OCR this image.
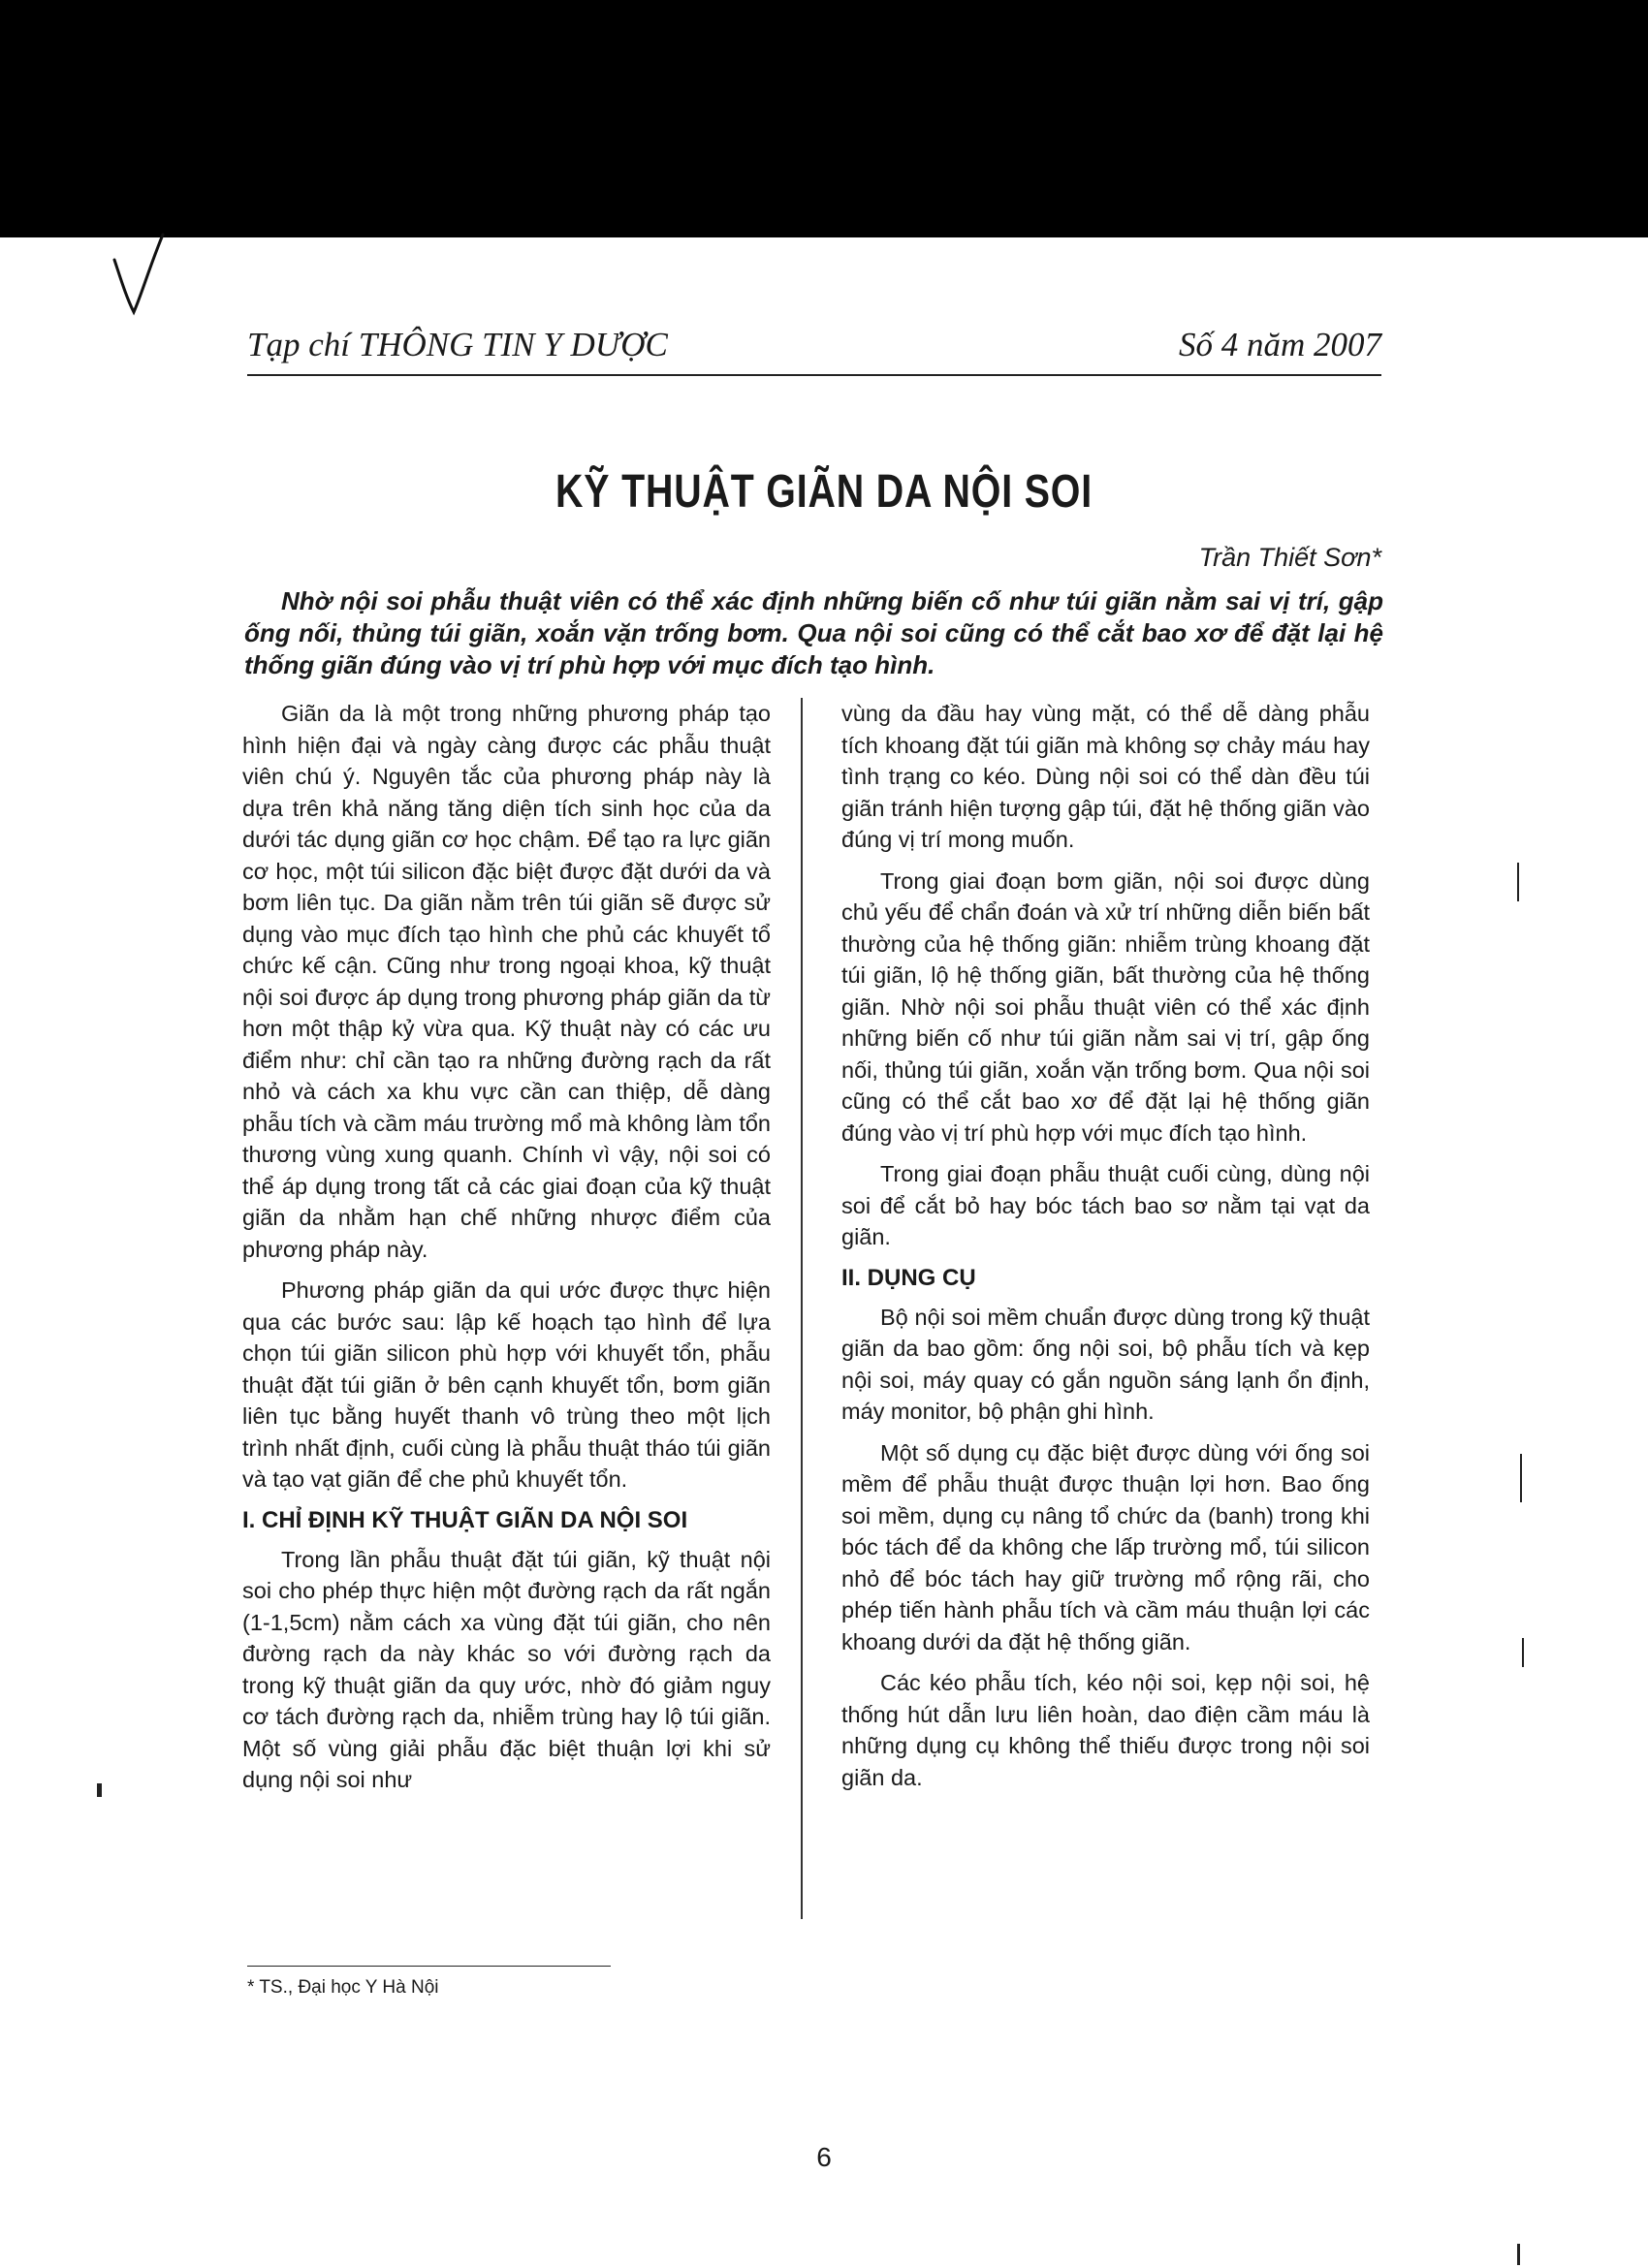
Tạp chí THÔNG TIN Y DƯỢC	Số 4 năm 2007
KỸ THUẬT GIÃN DA NỘI SOI
Trần Thiết Sơn*
Nhờ nội soi phẫu thuật viên có thể xác định những biến cố như túi giãn nằm sai vị trí, gập ống nối, thủng túi giãn, xoắn vặn trống bơm. Qua nội soi cũng có thể cắt bao xơ để đặt lại hệ thống giãn đúng vào vị trí phù hợp với mục đích tạo hình.

Giãn da là một trong những phương pháp tạo hình hiện đại và ngày càng được các phẫu thuật viên chú ý. Nguyên tắc của phương pháp này là dựa trên khả năng tăng diện tích sinh học của da dưới tác dụng giãn cơ học chậm. Để tạo ra lực giãn cơ học, một túi silicon đặc biệt được đặt dưới da và bơm liên tục. Da giãn nằm trên túi giãn sẽ được sử dụng vào mục đích tạo hình che phủ các khuyết tổ chức kế cận. Cũng như trong ngoại khoa, kỹ thuật nội soi được áp dụng trong phương pháp giãn da từ hơn một thập kỷ vừa qua. Kỹ thuật này có các ưu điểm như: chỉ cần tạo ra những đường rạch da rất nhỏ và cách xa khu vực cần can thiệp, dễ dàng phẫu tích và cầm máu trường mổ mà không làm tổn thương vùng xung quanh. Chính vì vậy, nội soi có thể áp dụng trong tất cả các giai đoạn của kỹ thuật giãn da nhằm hạn chế những nhược điểm của phương pháp này.

Phương pháp giãn da qui ước được thực hiện qua các bước sau: lập kế hoạch tạo hình để lựa chọn túi giãn silicon phù hợp với khuyết tổn, phẫu thuật đặt túi giãn ở bên cạnh khuyết tổn, bơm giãn liên tục bằng huyết thanh vô trùng theo một lịch trình nhất định, cuối cùng là phẫu thuật tháo túi giãn và tạo vạt giãn để che phủ khuyết tổn.

I. CHỈ ĐỊNH KỸ THUẬT GIÃN DA NỘI SOI

Trong lần phẫu thuật đặt túi giãn, kỹ thuật nội soi cho phép thực hiện một đường rạch da rất ngắn (1-1,5cm) nằm cách xa vùng đặt túi giãn, cho nên đường rạch da này khác so với đường rạch da trong kỹ thuật giãn da quy ước, nhờ đó giảm nguy cơ tách đường rạch da, nhiễm trùng hay lộ túi giãn. Một số vùng giải phẫu đặc biệt thuận lợi khi sử dụng nội soi như

vùng da đầu hay vùng mặt, có thể dễ dàng phẫu tích khoang đặt túi giãn mà không sợ chảy máu hay tình trạng co kéo. Dùng nội soi có thể dàn đều túi giãn tránh hiện tượng gập túi, đặt hệ thống giãn vào đúng vị trí mong muốn.

Trong giai đoạn bơm giãn, nội soi được dùng chủ yếu để chẩn đoán và xử trí những diễn biến bất thường của hệ thống giãn: nhiễm trùng khoang đặt túi giãn, lộ hệ thống giãn, bất thường của hệ thống giãn. Nhờ nội soi phẫu thuật viên có thể xác định những biến cố như túi giãn nằm sai vị trí, gập ống nối, thủng túi giãn, xoắn vặn trống bơm. Qua nội soi cũng có thể cắt bao xơ để đặt lại hệ thống giãn đúng vào vị trí phù hợp với mục đích tạo hình.

Trong giai đoạn phẫu thuật cuối cùng, dùng nội soi để cắt bỏ hay bóc tách bao sơ nằm tại vạt da giãn.

II. DỤNG CỤ

Bộ nội soi mềm chuẩn được dùng trong kỹ thuật giãn da bao gồm: ống nội soi, bộ phẫu tích và kẹp nội soi, máy quay có gắn nguồn sáng lạnh ổn định, máy monitor, bộ phận ghi hình.

Một số dụng cụ đặc biệt được dùng với ống soi mềm để phẫu thuật được thuận lợi hơn. Bao ống soi mềm, dụng cụ nâng tổ chức da (banh) trong khi bóc tách để da không che lấp trường mổ, túi silicon nhỏ để bóc tách hay giữ trường mổ rộng rãi, cho phép tiến hành phẫu tích và cầm máu thuận lợi các khoang dưới da đặt hệ thống giãn.

Các kéo phẫu tích, kéo nội soi, kẹp nội soi, hệ thống hút dẫn lưu liên hoàn, dao điện cầm máu là những dụng cụ không thể thiếu được trong nội soi giãn da.

* TS., Đại học Y Hà Nội
6
